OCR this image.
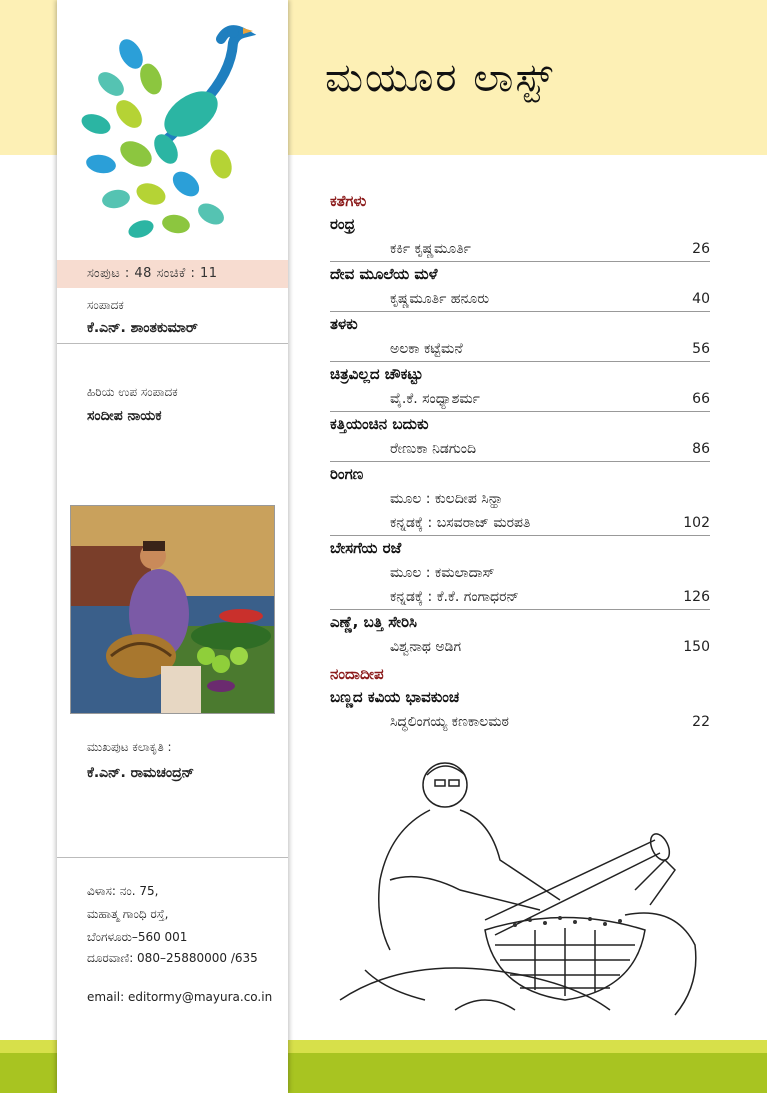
ಮಯೂರ ಲಾಸ್ಟ್
ಸಂಪುಟ : 48 ಸಂಚಿಕೆ : 11
ಸಂಪಾದಕ
ಕೆ.ಎನ್. ಶಾಂತಕುಮಾರ್
ಹಿರಿಯ ಉಪ ಸಂಪಾದಕ
ಸಂದೀಪ ನಾಯಕ
ಮುಖಪುಟ ಕಲಾಕೃತಿ :
ಕೆ.ಎನ್. ರಾಮಚಂದ್ರನ್
ವಿಳಾಸ: ನಂ. 75,
ಮಹಾತ್ಮ ಗಾಂಧಿ ರಸ್ತೆ,
ಬೆಂಗಳೂರು–560 001
ದೂರವಾಣಿ: 080–25880000 /635
email: editormy@mayura.co.in
ಕತೆಗಳು
ರಂಧ್ರ
ಕರ್ಕಿ ಕೃಷ್ಣಮೂರ್ತಿ	26
ದೇವ ಮೂಲೆಯ ಮಳೆ
ಕೃಷ್ಣಮೂರ್ತಿ ಹನೂರು	40
ತಳಕು
ಅಲಕಾ ಕಟ್ಟೆಮನೆ	56
ಚಿತ್ರವಿಲ್ಲದ ಚೌಕಟ್ಟು
ವೈ.ಕೆ. ಸಂಧ್ಯಾಶರ್ಮ	66
ಕತ್ತಿಯಂಚಿನ ಬದುಕು
ರೇಣುಕಾ ನಿಡಗುಂದಿ	86
ರಿಂಗಣ
ಮೂಲ : ಕುಲದೀಪ ಸಿನ್ಹಾ
ಕನ್ನಡಕ್ಕೆ : ಬಸವರಾಜ್ ಮರಪತಿ	102
ಬೇಸಗೆಯ ರಜೆ
ಮೂಲ : ಕಮಲಾದಾಸ್
ಕನ್ನಡಕ್ಕೆ : ಕೆ.ಕೆ. ಗಂಗಾಧರನ್	126
ಎಣ್ಣೆ, ಬತ್ತಿ ಸೇರಿಸಿ
ವಿಶ್ವನಾಥ ಅಡಿಗ	150
ನಂದಾದೀಪ
ಬಣ್ಣದ ಕವಿಯ ಭಾವಕುಂಚ
ಸಿದ್ಧಲಿಂಗಯ್ಯ ಕಣಕಾಲಮಠ	22
